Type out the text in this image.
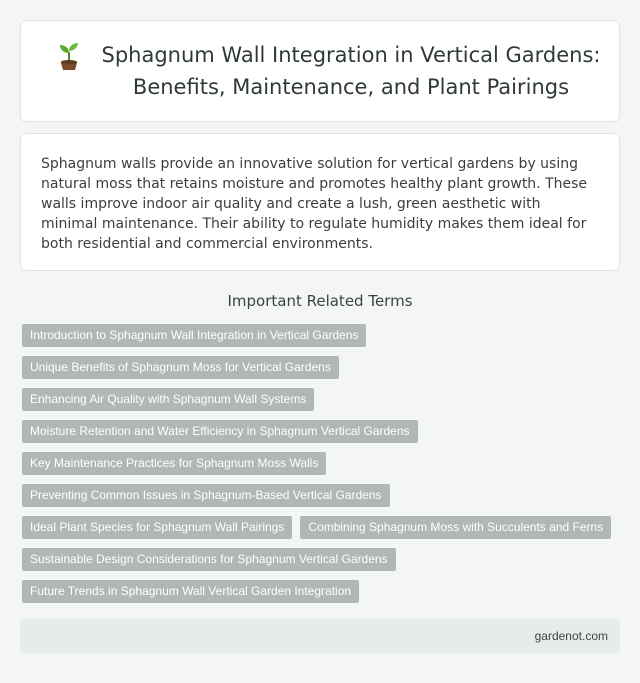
Sphagnum Wall Integration in Vertical Gardens: Benefits, Maintenance, and Plant Pairings

Sphagnum walls provide an innovative solution for vertical gardens by using natural moss that retains moisture and promotes healthy plant growth. These walls improve indoor air quality and create a lush, green aesthetic with minimal maintenance. Their ability to regulate humidity makes them ideal for both residential and commercial environments.

Important Related Terms
Introduction to Sphagnum Wall Integration in Vertical Gardens
Unique Benefits of Sphagnum Moss for Vertical Gardens
Enhancing Air Quality with Sphagnum Wall Systems
Moisture Retention and Water Efficiency in Sphagnum Vertical Gardens
Key Maintenance Practices for Sphagnum Moss Walls
Preventing Common Issues in Sphagnum-Based Vertical Gardens
Ideal Plant Species for Sphagnum Wall Pairings	Combining Sphagnum Moss with Succulents and Ferns
Sustainable Design Considerations for Sphagnum Vertical Gardens
Future Trends in Sphagnum Wall Vertical Garden Integration
gardenot.com
